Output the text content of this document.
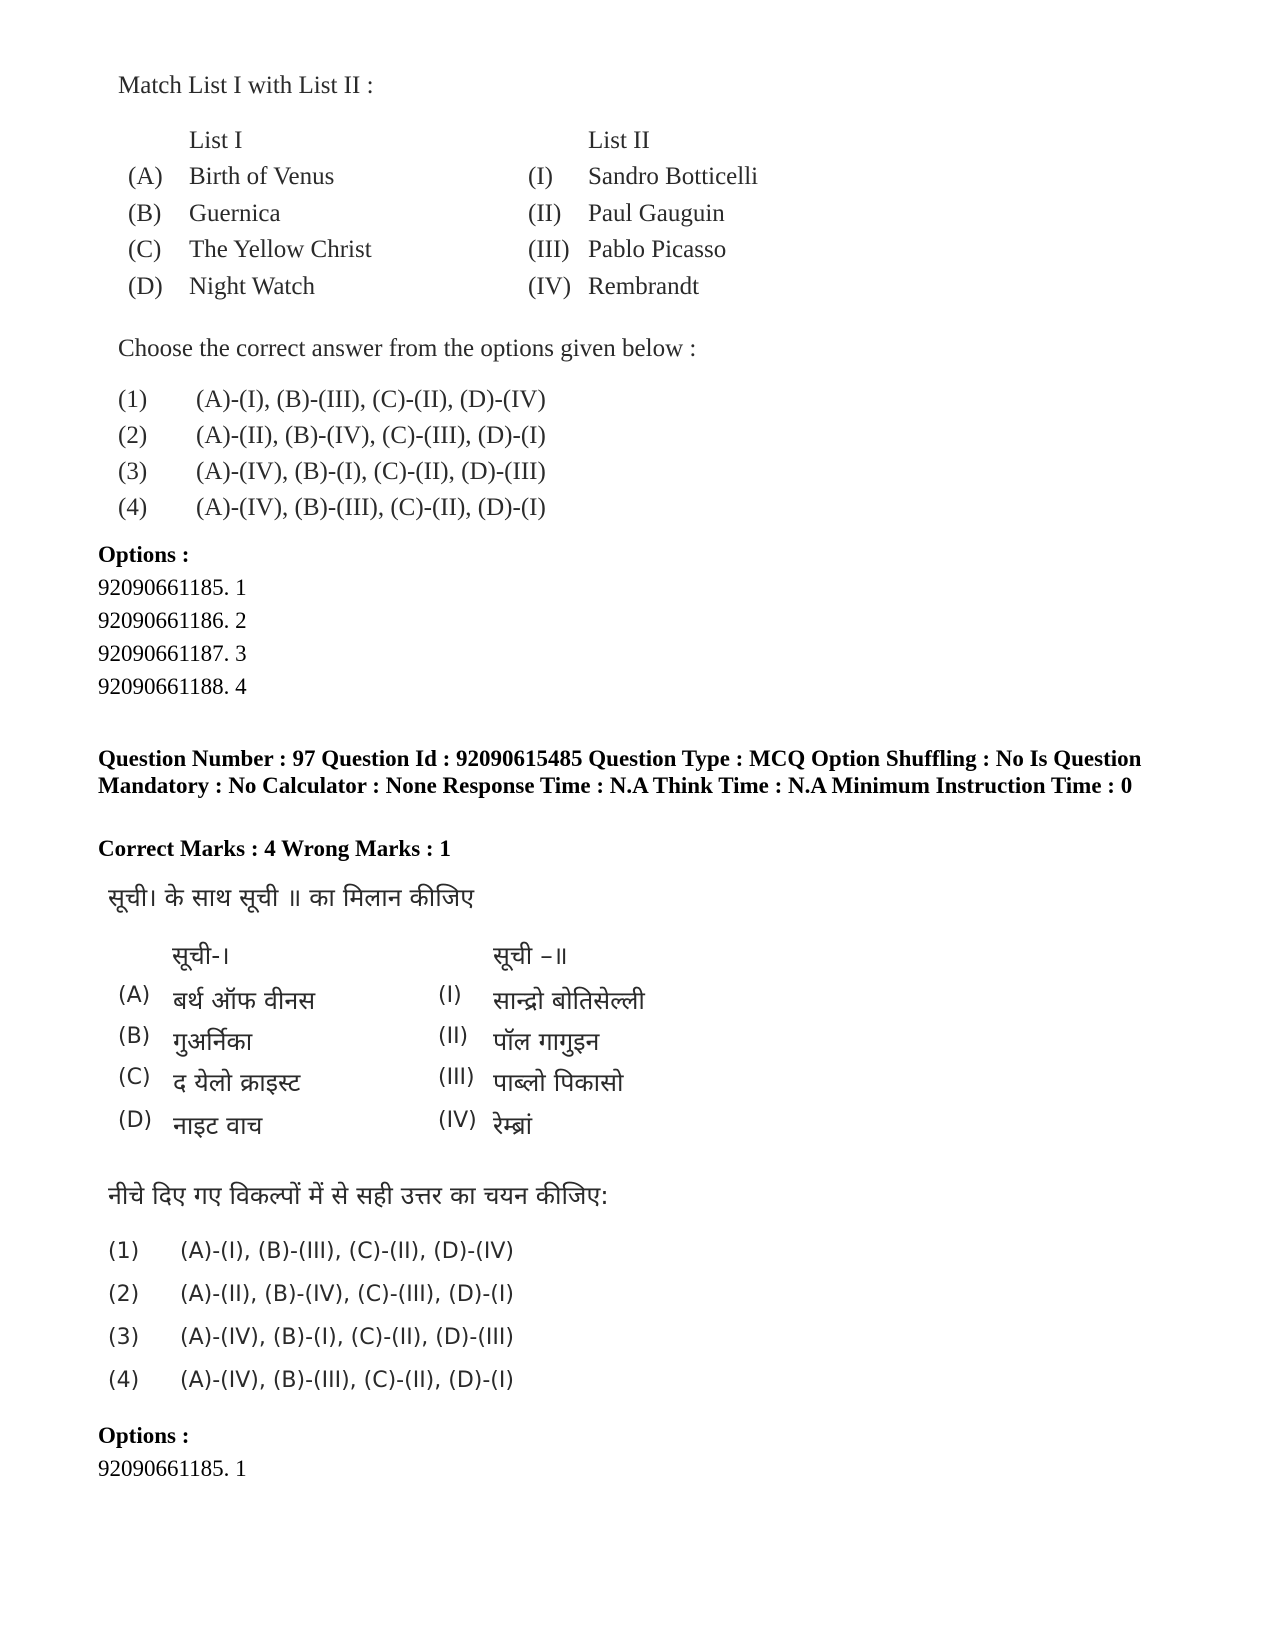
Match List I with List II :
List I	List II
(A) Birth of Venus	(I) Sandro Botticelli
(B) Guernica	(II) Paul Gauguin
(C) The Yellow Christ	(III) Pablo Picasso
(D) Night Watch	(IV) Rembrandt
Choose the correct answer from the options given below :
(1) (A)-(I), (B)-(III), (C)-(II), (D)-(IV)
(2) (A)-(II), (B)-(IV), (C)-(III), (D)-(I)
(3) (A)-(IV), (B)-(I), (C)-(II), (D)-(III)
(4) (A)-(IV), (B)-(III), (C)-(II), (D)-(I)
Options :
92090661185. 1
92090661186. 2
92090661187. 3
92090661188. 4
Question Number : 97 Question Id : 92090615485 Question Type : MCQ Option Shuffling : No Is Question Mandatory : No Calculator : None Response Time : N.A Think Time : N.A Minimum Instruction Time : 0
Correct Marks : 4 Wrong Marks : 1
सूची। के साथ सूची ॥ का मिलान कीजिए
सूची-।	सूची –॥
(A) बर्थ ऑफ वीनस	(I) सान्द्रो बोतिसेल्ली
(B) गुअर्निका	(II) पॉल गागुइन
(C) द येलो क्राइस्ट	(III) पाब्लो पिकासो
(D) नाइट वाच	(IV) रेम्ब्रां
नीचे दिए गए विकल्पों में से सही उत्तर का चयन कीजिए:
(1) (A)-(I), (B)-(III), (C)-(II), (D)-(IV)
(2) (A)-(II), (B)-(IV), (C)-(III), (D)-(I)
(3) (A)-(IV), (B)-(I), (C)-(II), (D)-(III)
(4) (A)-(IV), (B)-(III), (C)-(II), (D)-(I)
Options :
92090661185. 1
